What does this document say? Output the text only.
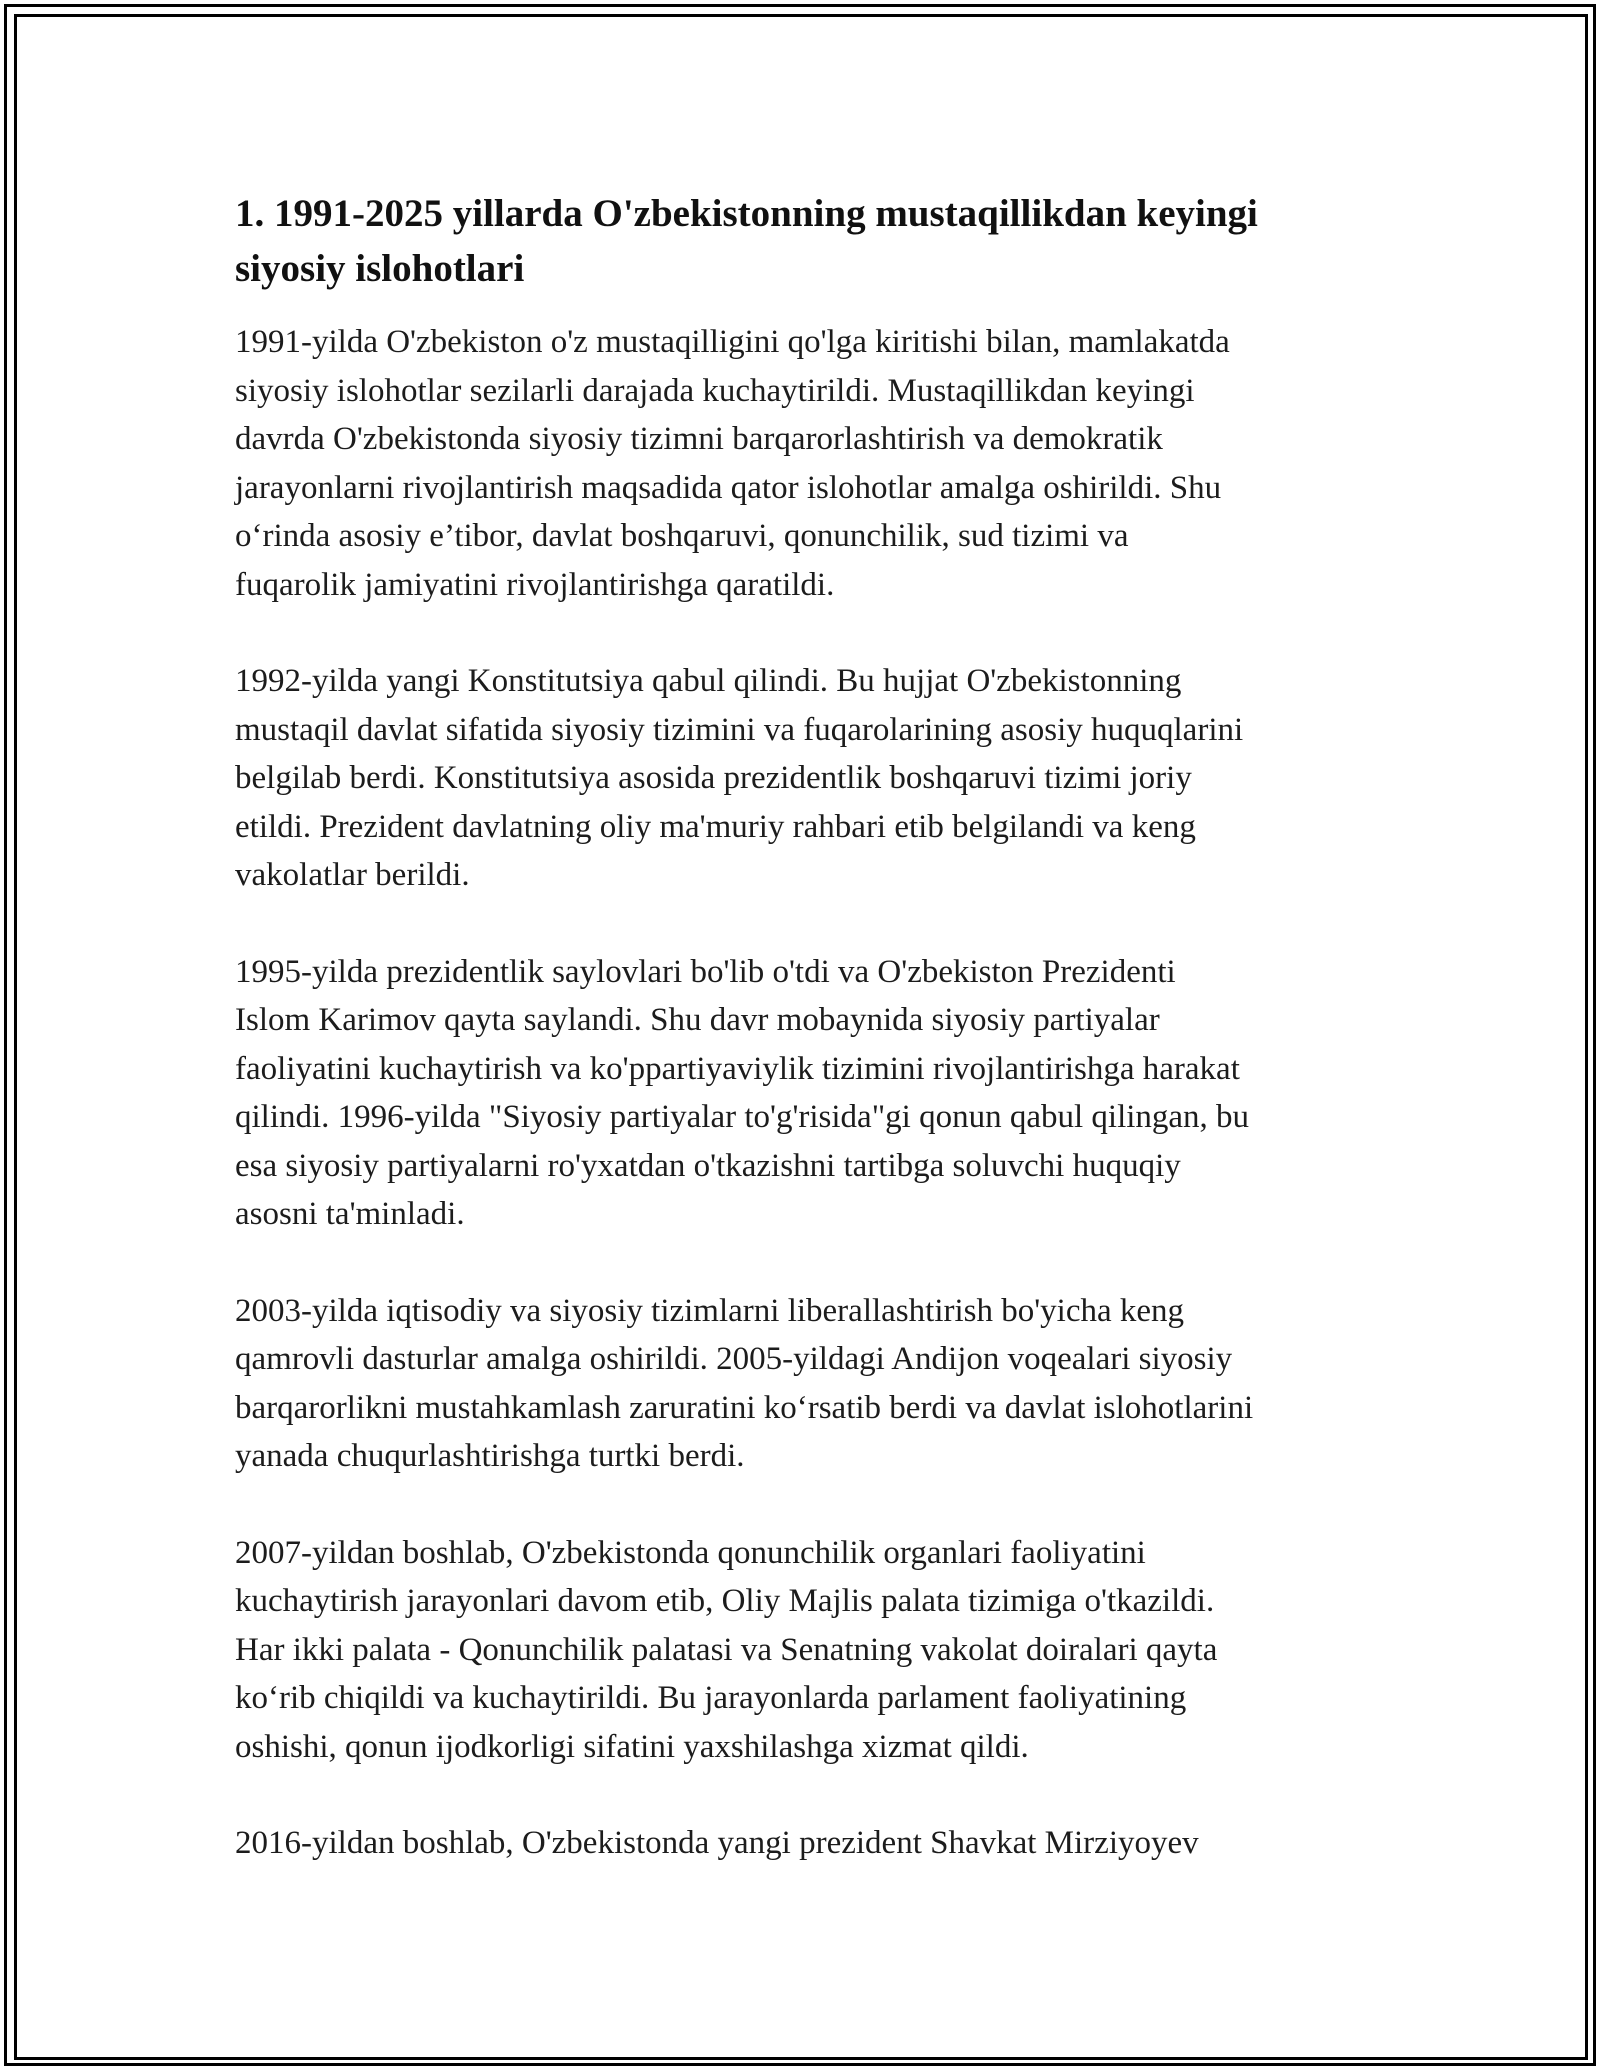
1. 1991-2025 yillarda O'zbekistonning mustaqillikdan keyingi
siyosiy islohotlari
1991-yilda O'zbekiston o'z mustaqilligini qo'lga kiritishi bilan, mamlakatda
siyosiy islohotlar sezilarli darajada kuchaytirildi. Mustaqillikdan keyingi
davrda O'zbekistonda siyosiy tizimni barqarorlashtirish va demokratik
jarayonlarni rivojlantirish maqsadida qator islohotlar amalga oshirildi. Shu
o‘rinda asosiy e’tibor, davlat boshqaruvi, qonunchilik, sud tizimi va
fuqarolik jamiyatini rivojlantirishga qaratildi.
1992-yilda yangi Konstitutsiya qabul qilindi. Bu hujjat O'zbekistonning
mustaqil davlat sifatida siyosiy tizimini va fuqarolarining asosiy huquqlarini
belgilab berdi. Konstitutsiya asosida prezidentlik boshqaruvi tizimi joriy
etildi. Prezident davlatning oliy ma'muriy rahbari etib belgilandi va keng
vakolatlar berildi.
1995-yilda prezidentlik saylovlari bo'lib o'tdi va O'zbekiston Prezidenti
Islom Karimov qayta saylandi. Shu davr mobaynida siyosiy partiyalar
faoliyatini kuchaytirish va ko'ppartiyaviylik tizimini rivojlantirishga harakat
qilindi. 1996-yilda "Siyosiy partiyalar to'g'risida"gi qonun qabul qilingan, bu
esa siyosiy partiyalarni ro'yxatdan o'tkazishni tartibga soluvchi huquqiy
asosni ta'minladi.
2003-yilda iqtisodiy va siyosiy tizimlarni liberallashtirish bo'yicha keng
qamrovli dasturlar amalga oshirildi. 2005-yildagi Andijon voqealari siyosiy
barqarorlikni mustahkamlash zaruratini ko‘rsatib berdi va davlat islohotlarini
yanada chuqurlashtirishga turtki berdi.
2007-yildan boshlab, O'zbekistonda qonunchilik organlari faoliyatini
kuchaytirish jarayonlari davom etib, Oliy Majlis palata tizimiga o'tkazildi.
Har ikki palata - Qonunchilik palatasi va Senatning vakolat doiralari qayta
ko‘rib chiqildi va kuchaytirildi. Bu jarayonlarda parlament faoliyatining
oshishi, qonun ijodkorligi sifatini yaxshilashga xizmat qildi.
2016-yildan boshlab, O'zbekistonda yangi prezident Shavkat Mirziyoyev
